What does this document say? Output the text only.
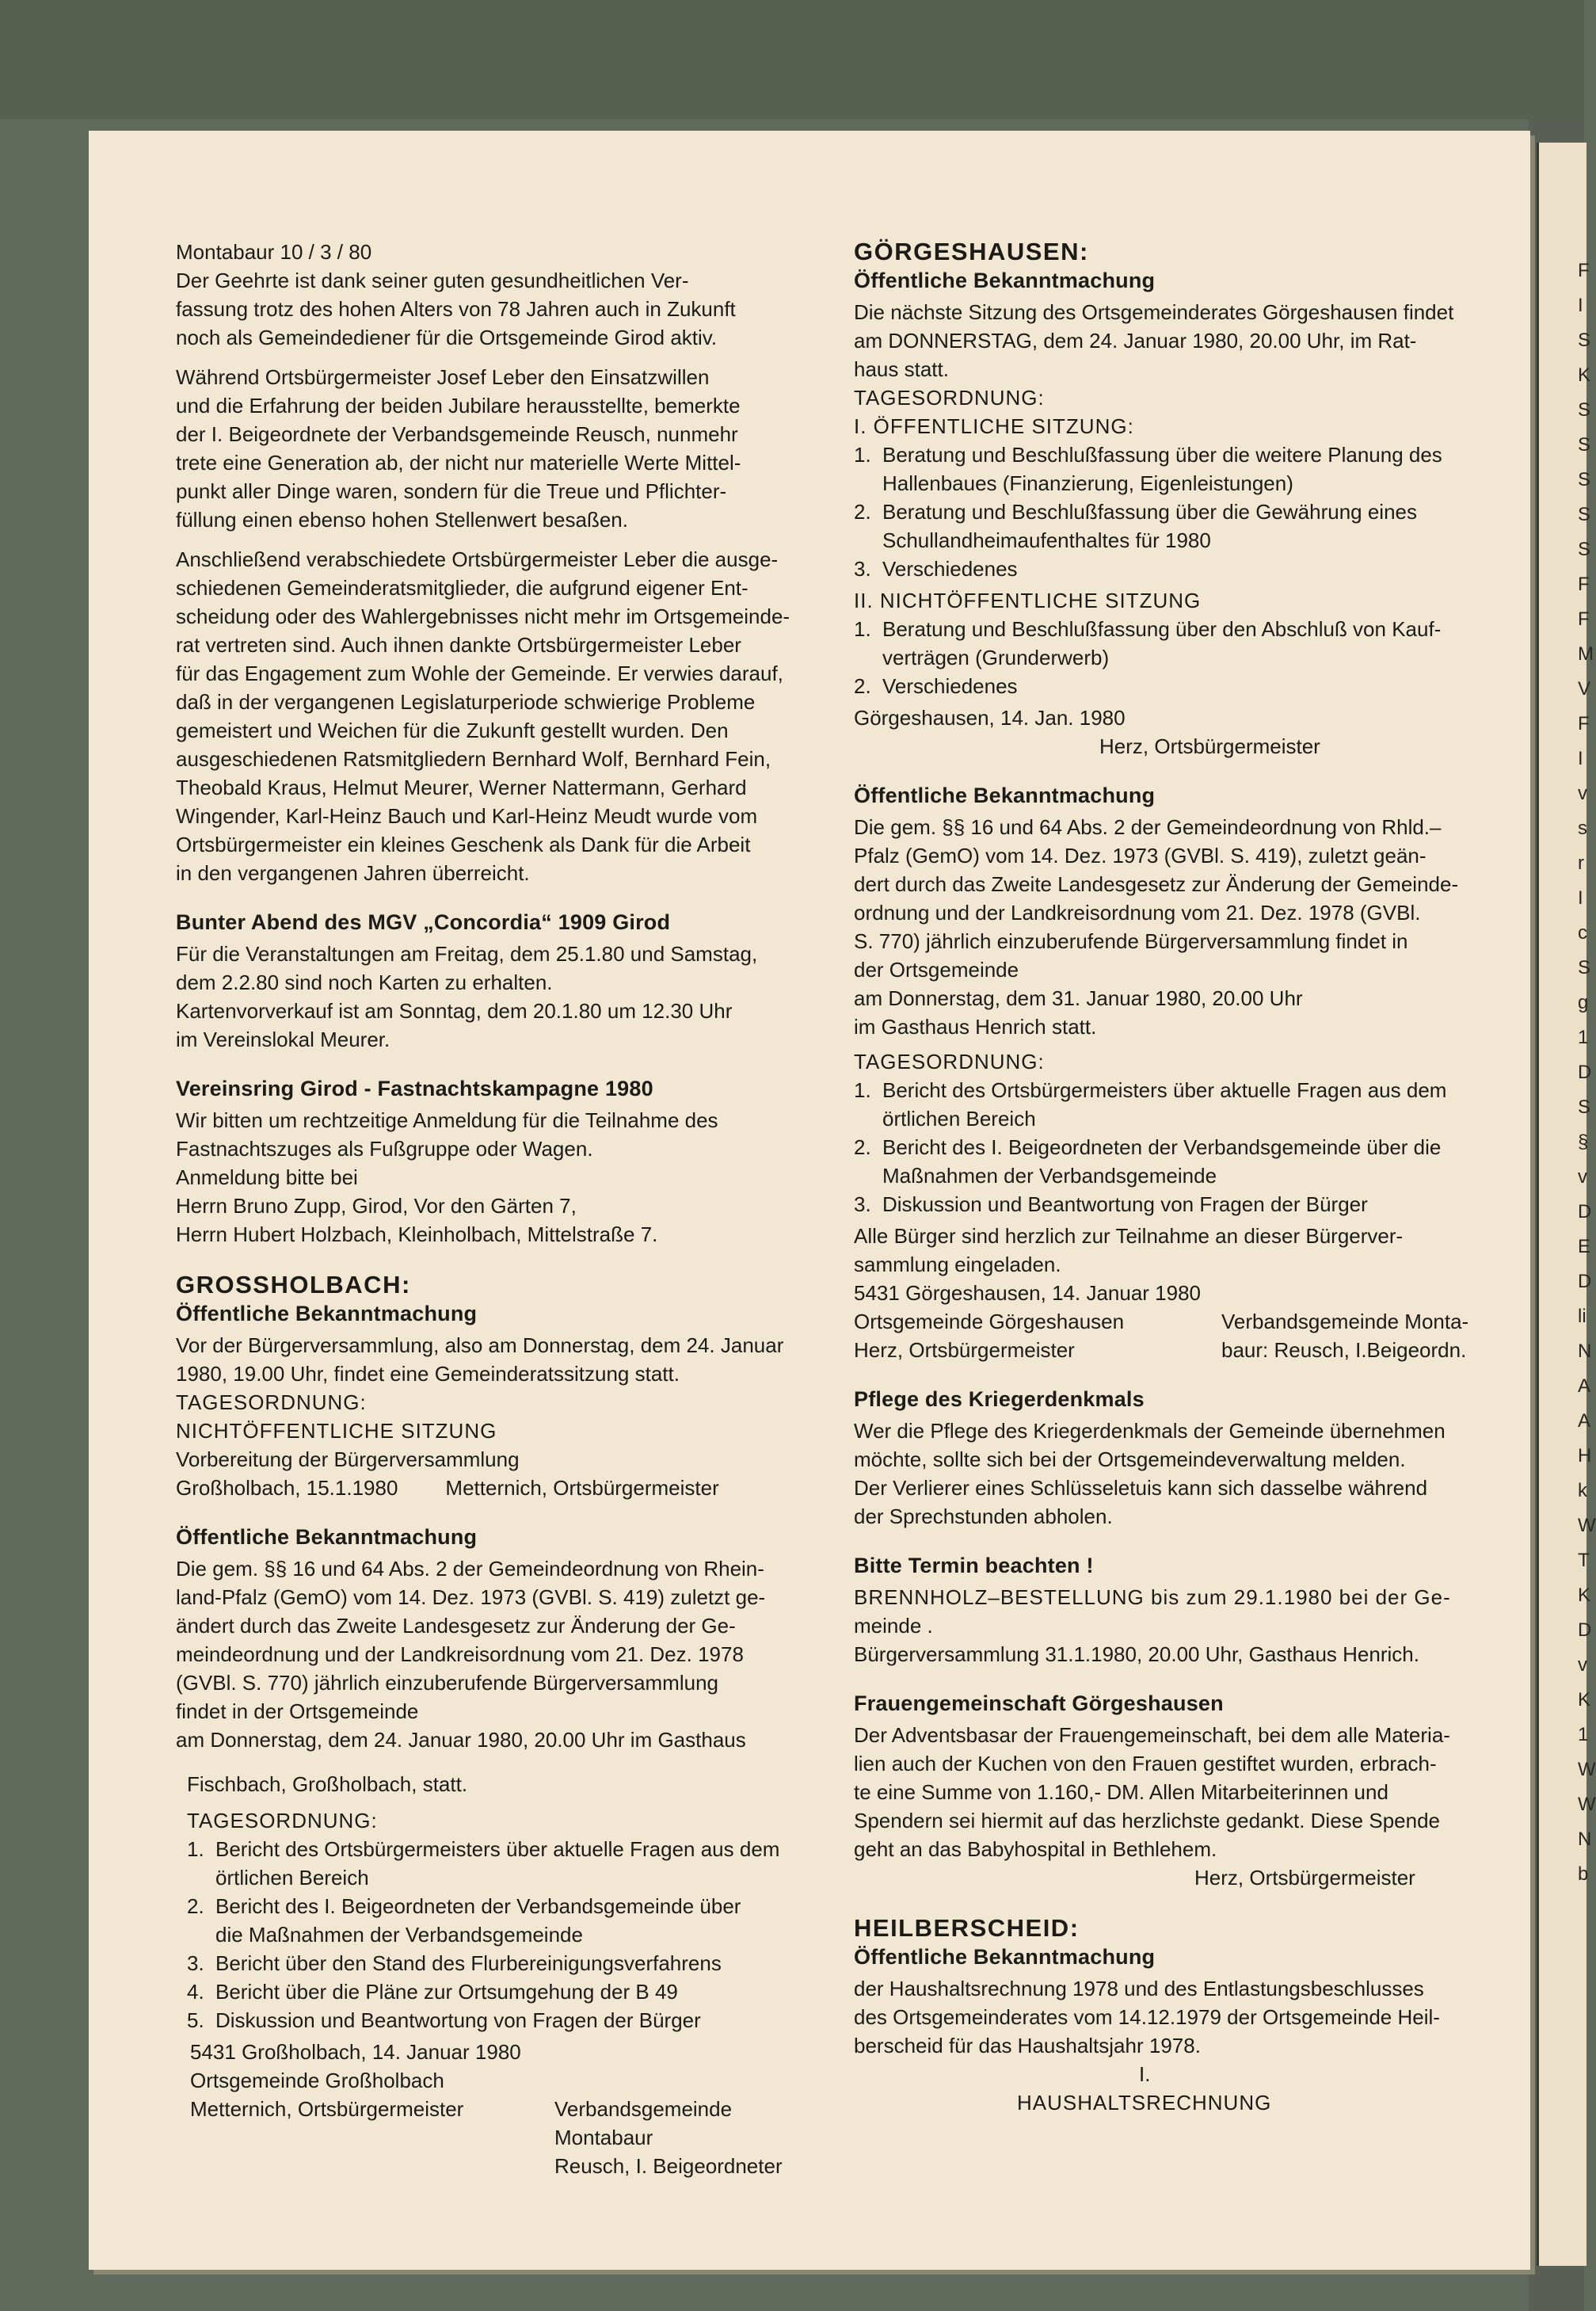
Montabaur 10 / 3 / 80
Der Geehrte ist dank seiner guten gesundheitlichen Ver-
fassung trotz des hohen Alters von 78 Jahren auch in Zukunft
noch als Gemeindediener für die Ortsgemeinde Girod aktiv.
Während Ortsbürgermeister Josef Leber den Einsatzwillen
und die Erfahrung der beiden Jubilare herausstellte, bemerkte
der I. Beigeordnete der Verbandsgemeinde Reusch, nunmehr
trete eine Generation ab, der nicht nur materielle Werte Mittel-
punkt aller Dinge waren, sondern für die Treue und Pflichter-
füllung einen ebenso hohen Stellenwert besaßen.
Anschließend verabschiedete Ortsbürgermeister Leber die ausge-
schiedenen Gemeinderatsmitglieder, die aufgrund eigener Ent-
scheidung oder des Wahlergebnisses nicht mehr im Ortsgemeinde-
rat vertreten sind. Auch ihnen dankte Ortsbürgermeister Leber
für das Engagement zum Wohle der Gemeinde. Er verwies darauf,
daß in der vergangenen Legislaturperiode schwierige Probleme
gemeistert und Weichen für die Zukunft gestellt wurden. Den
ausgeschiedenen Ratsmitgliedern Bernhard Wolf, Bernhard Fein,
Theobald Kraus, Helmut Meurer, Werner Nattermann, Gerhard
Wingender, Karl-Heinz Bauch und Karl-Heinz Meudt wurde vom
Ortsbürgermeister ein kleines Geschenk als Dank für die Arbeit
in den vergangenen Jahren überreicht.
Bunter Abend des MGV „Concordia“ 1909 Girod
Für die Veranstaltungen am Freitag, dem 25.1.80 und Samstag,
dem 2.2.80 sind noch Karten zu erhalten.
Kartenvorverkauf ist am Sonntag, dem 20.1.80 um 12.30 Uhr
im Vereinslokal Meurer.
Vereinsring Girod - Fastnachtskampagne 1980
Wir bitten um rechtzeitige Anmeldung für die Teilnahme des
Fastnachtszuges als Fußgruppe oder Wagen.
Anmeldung bitte bei
Herrn Bruno Zupp, Girod, Vor den Gärten 7,
Herrn Hubert Holzbach, Kleinholbach, Mittelstraße 7.
GROSSHOLBACH:
Öffentliche Bekanntmachung
Vor der Bürgerversammlung, also am Donnerstag, dem 24. Januar
1980, 19.00 Uhr, findet eine Gemeinderatssitzung statt.
TAGESORDNUNG:
NICHTÖFFENTLICHE SITZUNG
Vorbereitung der Bürgerversammlung
Großholbach, 15.1.1980 Metternich, Ortsbürgermeister
Öffentliche Bekanntmachung
Die gem. §§ 16 und 64 Abs. 2 der Gemeindeordnung von Rhein-
land-Pfalz (GemO) vom 14. Dez. 1973 (GVBl. S. 419) zuletzt ge-
ändert durch das Zweite Landesgesetz zur Änderung der Ge-
meindeordnung und der Landkreisordnung vom 21. Dez. 1978
(GVBl. S. 770) jährlich einzuberufende Bürgerversammlung
findet in der Ortsgemeinde
am Donnerstag, dem 24. Januar 1980, 20.00 Uhr im Gasthaus
Fischbach, Großholbach, statt.
TAGESORDNUNG:
1. Bericht des Ortsbürgermeisters über aktuelle Fragen aus dem
örtlichen Bereich
2. Bericht des I. Beigeordneten der Verbandsgemeinde über
die Maßnahmen der Verbandsgemeinde
3. Bericht über den Stand des Flurbereinigungsverfahrens
4. Bericht über die Pläne zur Ortsumgehung der B 49
5. Diskussion und Beantwortung von Fragen der Bürger
5431 Großholbach, 14. Januar 1980
Ortsgemeinde Großholbach
Metternich, Ortsbürgermeister	Verbandsgemeinde
Montabaur
Reusch, I. Beigeordneter
GÖRGESHAUSEN:
Öffentliche Bekanntmachung
Die nächste Sitzung des Ortsgemeinderates Görgeshausen findet
am DONNERSTAG, dem 24. Januar 1980, 20.00 Uhr, im Rat-
haus statt.
TAGESORDNUNG:
I. ÖFFENTLICHE SITZUNG:
1. Beratung und Beschlußfassung über die weitere Planung des
Hallenbaues (Finanzierung, Eigenleistungen)
2. Beratung und Beschlußfassung über die Gewährung eines
Schullandheimaufenthaltes für 1980
3. Verschiedenes
II. NICHTÖFFENTLICHE SITZUNG
1. Beratung und Beschlußfassung über den Abschluß von Kauf-
verträgen (Grunderwerb)
2. Verschiedenes
Görgeshausen, 14. Jan. 1980
Herz, Ortsbürgermeister
Öffentliche Bekanntmachung
Die gem. §§ 16 und 64 Abs. 2 der Gemeindeordnung von Rhld.–
Pfalz (GemO) vom 14. Dez. 1973 (GVBl. S. 419), zuletzt geän-
dert durch das Zweite Landesgesetz zur Änderung der Gemeinde-
ordnung und der Landkreisordnung vom 21. Dez. 1978 (GVBl.
S. 770) jährlich einzuberufende Bürgerversammlung findet in
der Ortsgemeinde
am Donnerstag, dem 31. Januar 1980, 20.00 Uhr
im Gasthaus Henrich statt.
TAGESORDNUNG:
1. Bericht des Ortsbürgermeisters über aktuelle Fragen aus dem
örtlichen Bereich
2. Bericht des I. Beigeordneten der Verbandsgemeinde über die
Maßnahmen der Verbandsgemeinde
3. Diskussion und Beantwortung von Fragen der Bürger
Alle Bürger sind herzlich zur Teilnahme an dieser Bürgerver-
sammlung eingeladen.
5431 Görgeshausen, 14. Januar 1980
Ortsgemeinde Görgeshausen	Verbandsgemeinde Monta-
Herz, Ortsbürgermeister	baur: Reusch, I.Beigeordn.
Pflege des Kriegerdenkmals
Wer die Pflege des Kriegerdenkmals der Gemeinde übernehmen
möchte, sollte sich bei der Ortsgemeindeverwaltung melden.
Der Verlierer eines Schlüsseletuis kann sich dasselbe während
der Sprechstunden abholen.
Bitte Termin beachten !
BRENNHOLZ–BESTELLUNG bis zum 29.1.1980 bei der Ge-
meinde .
Bürgerversammlung 31.1.1980, 20.00 Uhr, Gasthaus Henrich.
Frauengemeinschaft Görgeshausen
Der Adventsbasar der Frauengemeinschaft, bei dem alle Materia-
lien auch der Kuchen von den Frauen gestiftet wurden, erbrach-
te eine Summe von 1.160,- DM. Allen Mitarbeiterinnen und
Spendern sei hiermit auf das herzlichste gedankt. Diese Spende
geht an das Babyhospital in Bethlehem.
Herz, Ortsbürgermeister
HEILBERSCHEID:
Öffentliche Bekanntmachung
der Haushaltsrechnung 1978 und des Entlastungsbeschlusses
des Ortsgemeinderates vom 14.12.1979 der Ortsgemeinde Heil-
berscheid für das Haushaltsjahr 1978.
I.
HAUSHALTSRECHNUNG
F
I
S
K
S
S
S
S
S
F
F
M
V
F
I
v
s
r
I
c
S
g
1
D
S
§
v
D
E
D
li
N
A
A
H
k
W
T
K
D
v
K
1
W
W
N
b
